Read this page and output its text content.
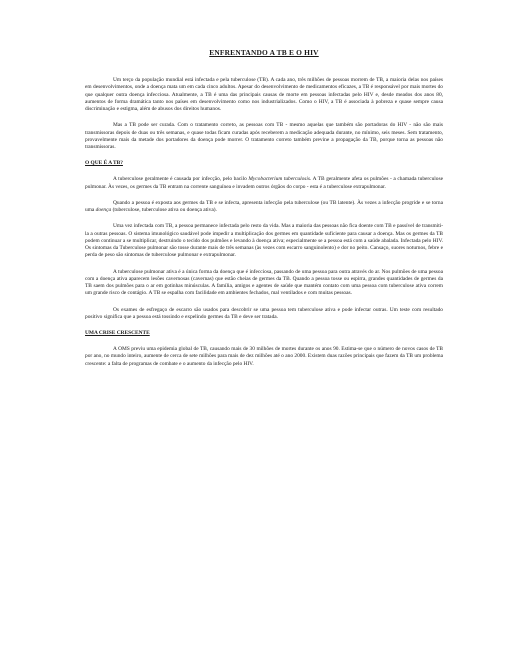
ENFRENTANDO A TB E O HIV

Um terço da população mundial está infectada e pela tuberculose (TB). A cada ano, três milhões de pessoas morrem de TB, a maioria delas nos países em desenvolvimentos, onde a doença mata um em cada cinco adultos. Apesar do desenvolvimento de medicamentos eficazes, a TB é responsável por mais mortes do que qualquer outra doença infecciosa. Atualmente, a TB é uma das principais causas de morte em pessoas infectadas pelo HIV e, desde meados dos anos 80, aumentos de forma dramática tanto nos países em desenvolvimento como nos industrializados. Como o HIV, a TB é associada à pobreza e quase sempre causa discriminação e estigma, além de abusos dos direitos humanos.

Mas a TB pode ser curada. Com o tratamento correto, as pessoas com TB - mesmo aquelas que também são portadoras do HIV - não são mais transmissoras depois de duas ou três semanas, e quase todas ficam curadas após receberem a medicação adequada durante, no mínimo, seis meses. Sem tratamento, provavelmente mais da metade dos portadores da doença pode morrer. O tratamento correto também previne a propagação da TB, porque torna as pessoas não transmissoras.

O QUE É A TB?

A tuberculose geralmente é causada por infecção, pelo bacilo Mycobacterium tuberculosis. A TB geralmente afeta os pulmões - a chamada tuberculose pulmonar. Às vezes, os germes da TB entram na corrente sanguínea e invadem outros órgãos do corpo - esta é a tuberculose extrapulmonar.

Quando a pessoa é exposta aos germes da TB e se infecta, apresenta infecção pela tuberculose (ou TB latente). Às vezes a infecção progride e se torna uma doença (tuberculose, tuberculose ativa ou doença ativa).

Uma vez infectada com TB, a pessoa permanece infectada pelo resto da vida. Mas a maioria das pessoas não fica doente com TB e passível de transmiti-la a outras pessoas. O sistema imunológico saudável pode impedir a multiplicação dos germes em quantidade suficiente para causar a doença. Mas os germes da TB podem continuar a se multiplicar, destruindo o tecido dos pulmões e levando à doença ativa; especialmente se a pessoa está com a saúde abalada. Infectada pelo HIV. Os sintomas da Tuberculose pulmonar são tosse durante mais de três semanas (às vezes com escarro sanguinolento) e dor no peito. Cansaço, suores noturnos, febre e perda de peso são sintomas de tuberculose pulmonar e extrapulmonar.

A tuberculose pulmonar ativa é a única forma da doença que é infecciosa, passando de uma pessoa para outra através do ar. Nos pulmões de uma pessoa com a doença ativa aparecem lesões cavernosas (cavernas) que estão cheias de germes da TB. Quando a pessoa tosse ou espirra, grandes quantidades de germes da TB saem dos pulmões para o ar em gotinhas minúsculas. A família, amigos e agentes de saúde que mantém contato com uma pessoa com tuberculose ativa correm um grande risco de contágio. A TB se espalha com facilidade em ambientes fechados, mal ventilados e com muitas pessoas.

Os exames de esfregaço de escarro são usados para descobrir se uma pessoa tem tuberculose ativa e pode infectar outras. Um teste com resultado positivo significa que a pessoa está tossindo e expelindo germes da TB e deve ser tratada.

UMA CRISE CRESCENTE

A OMS previu uma epidemia global de TB, causando mais de 30 milhões de mortes durante os anos 90. Estima-se que o número de novos casos de TB por ano, no mundo inteiro, aumente de cerca de sete milhões para mais de dez milhões até o ano 2000. Existem duas razões principais que fazem da TB um problema crescente: a falta de programas de combate e o aumento da infecção pelo HIV.
